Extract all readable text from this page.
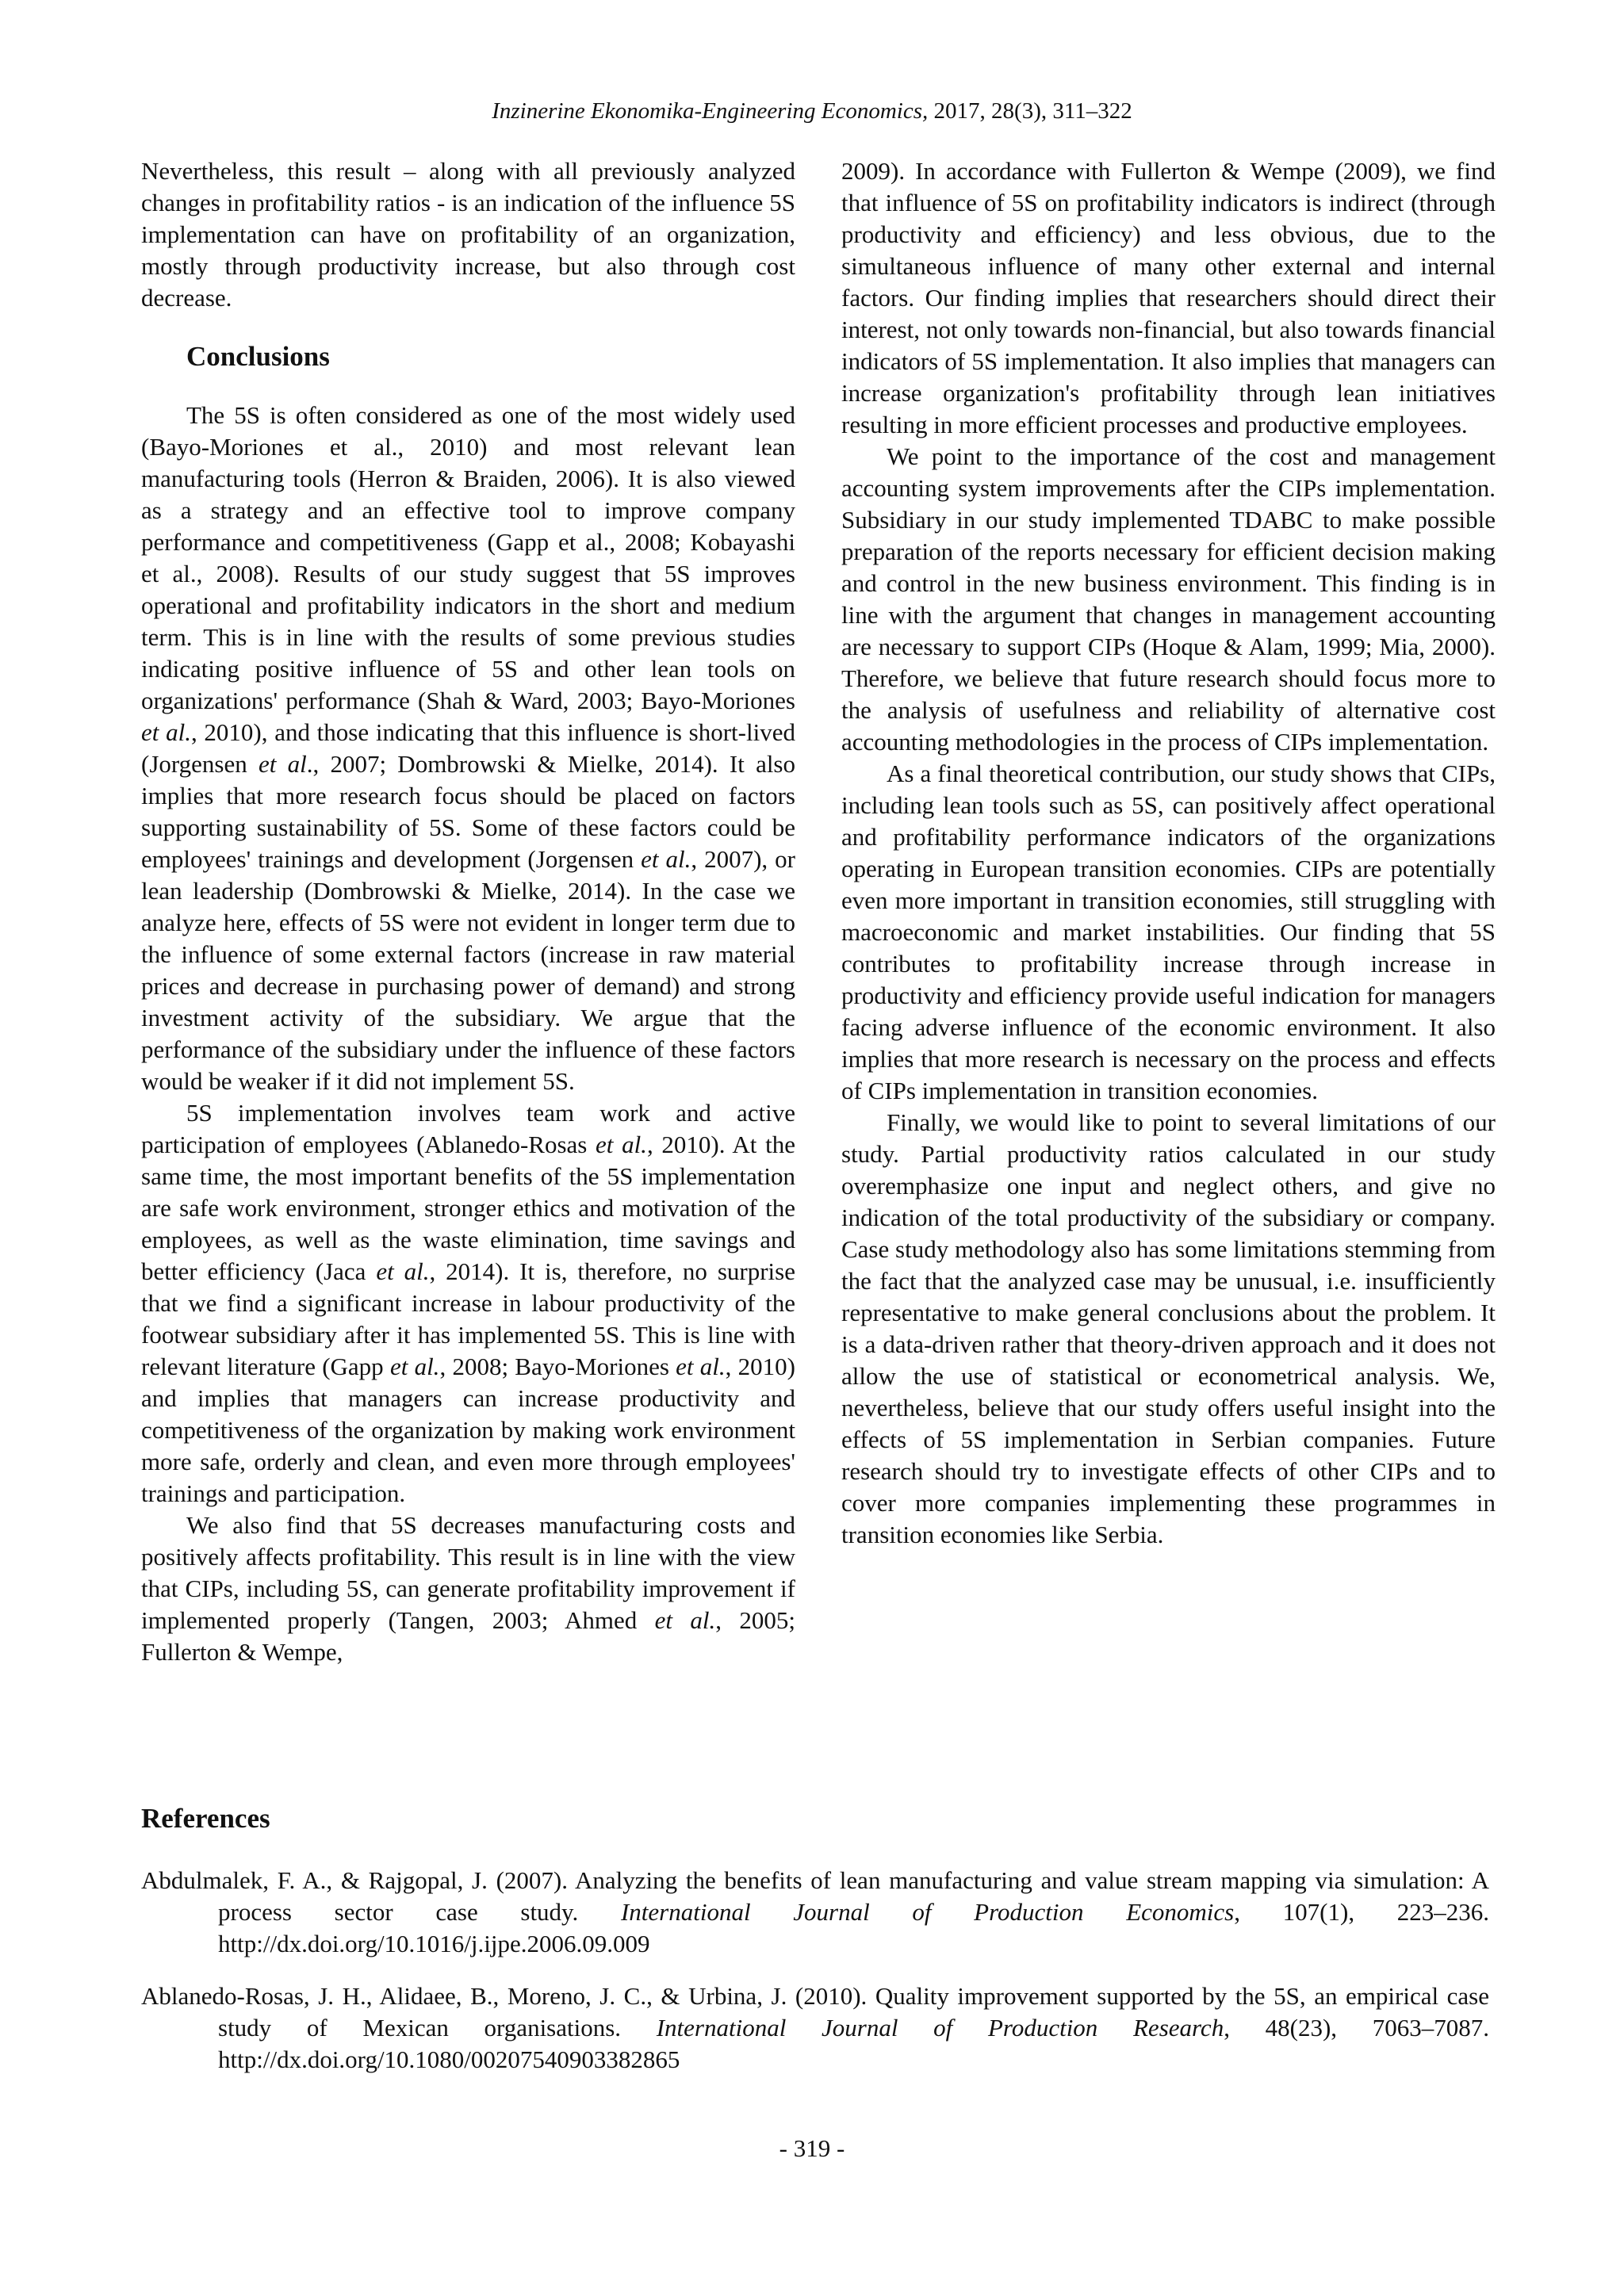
Inzinerine Ekonomika-Engineering Economics, 2017, 28(3), 311–322

Nevertheless, this result – along with all previously analyzed changes in profitability ratios - is an indication of the influence 5S implementation can have on profitability of an organization, mostly through productivity increase, but also through cost decrease.

Conclusions

The 5S is often considered as one of the most widely used (Bayo-Moriones et al., 2010) and most relevant lean manufacturing tools (Herron & Braiden, 2006). It is also viewed as a strategy and an effective tool to improve company performance and competitiveness (Gapp et al., 2008; Kobayashi et al., 2008). Results of our study suggest that 5S improves operational and profitability indicators in the short and medium term. This is in line with the results of some previous studies indicating positive influence of 5S and other lean tools on organizations' performance (Shah & Ward, 2003; Bayo-Moriones et al., 2010), and those indicating that this influence is short-lived (Jorgensen et al., 2007; Dombrowski & Mielke, 2014). It also implies that more research focus should be placed on factors supporting sustainability of 5S. Some of these factors could be employees' trainings and development (Jorgensen et al., 2007), or lean leadership (Dombrowski & Mielke, 2014). In the case we analyze here, effects of 5S were not evident in longer term due to the influence of some external factors (increase in raw material prices and decrease in purchasing power of demand) and strong investment activity of the subsidiary. We argue that the performance of the subsidiary under the influence of these factors would be weaker if it did not implement 5S.

5S implementation involves team work and active participation of employees (Ablanedo-Rosas et al., 2010). At the same time, the most important benefits of the 5S implementation are safe work environment, stronger ethics and motivation of the employees, as well as the waste elimination, time savings and better efficiency (Jaca et al., 2014). It is, therefore, no surprise that we find a significant increase in labour productivity of the footwear subsidiary after it has implemented 5S. This is line with relevant literature (Gapp et al., 2008; Bayo-Moriones et al., 2010) and implies that managers can increase productivity and competitiveness of the organization by making work environment more safe, orderly and clean, and even more through employees' trainings and participation.

We also find that 5S decreases manufacturing costs and positively affects profitability. This result is in line with the view that CIPs, including 5S, can generate profitability improvement if implemented properly (Tangen, 2003; Ahmed et al., 2005; Fullerton & Wempe,

2009). In accordance with Fullerton & Wempe (2009), we find that influence of 5S on profitability indicators is indirect (through productivity and efficiency) and less obvious, due to the simultaneous influence of many other external and internal factors. Our finding implies that researchers should direct their interest, not only towards non-financial, but also towards financial indicators of 5S implementation. It also implies that managers can increase organization's profitability through lean initiatives resulting in more efficient processes and productive employees.

We point to the importance of the cost and management accounting system improvements after the CIPs implementation. Subsidiary in our study implemented TDABC to make possible preparation of the reports necessary for efficient decision making and control in the new business environment. This finding is in line with the argument that changes in management accounting are necessary to support CIPs (Hoque & Alam, 1999; Mia, 2000). Therefore, we believe that future research should focus more to the analysis of usefulness and reliability of alternative cost accounting methodologies in the process of CIPs implementation.

As a final theoretical contribution, our study shows that CIPs, including lean tools such as 5S, can positively affect operational and profitability performance indicators of the organizations operating in European transition economies. CIPs are potentially even more important in transition economies, still struggling with macroeconomic and market instabilities. Our finding that 5S contributes to profitability increase through increase in productivity and efficiency provide useful indication for managers facing adverse influence of the economic environment. It also implies that more research is necessary on the process and effects of CIPs implementation in transition economies.

Finally, we would like to point to several limitations of our study. Partial productivity ratios calculated in our study overemphasize one input and neglect others, and give no indication of the total productivity of the subsidiary or company. Case study methodology also has some limitations stemming from the fact that the analyzed case may be unusual, i.e. insufficiently representative to make general conclusions about the problem. It is a data-driven rather that theory-driven approach and it does not allow the use of statistical or econometrical analysis. We, nevertheless, believe that our study offers useful insight into the effects of 5S implementation in Serbian companies. Future research should try to investigate effects of other CIPs and to cover more companies implementing these programmes in transition economies like Serbia.

References
Abdulmalek, F. A., & Rajgopal, J. (2007). Analyzing the benefits of lean manufacturing and value stream mapping via simulation: A process sector case study. International Journal of Production Economics, 107(1), 223–236. http://dx.doi.org/10.1016/j.ijpe.2006.09.009
Ablanedo-Rosas, J. H., Alidaee, B., Moreno, J. C., & Urbina, J. (2010). Quality improvement supported by the 5S, an empirical case study of Mexican organisations. International Journal of Production Research, 48(23), 7063–7087. http://dx.doi.org/10.1080/00207540903382865
- 319 -
